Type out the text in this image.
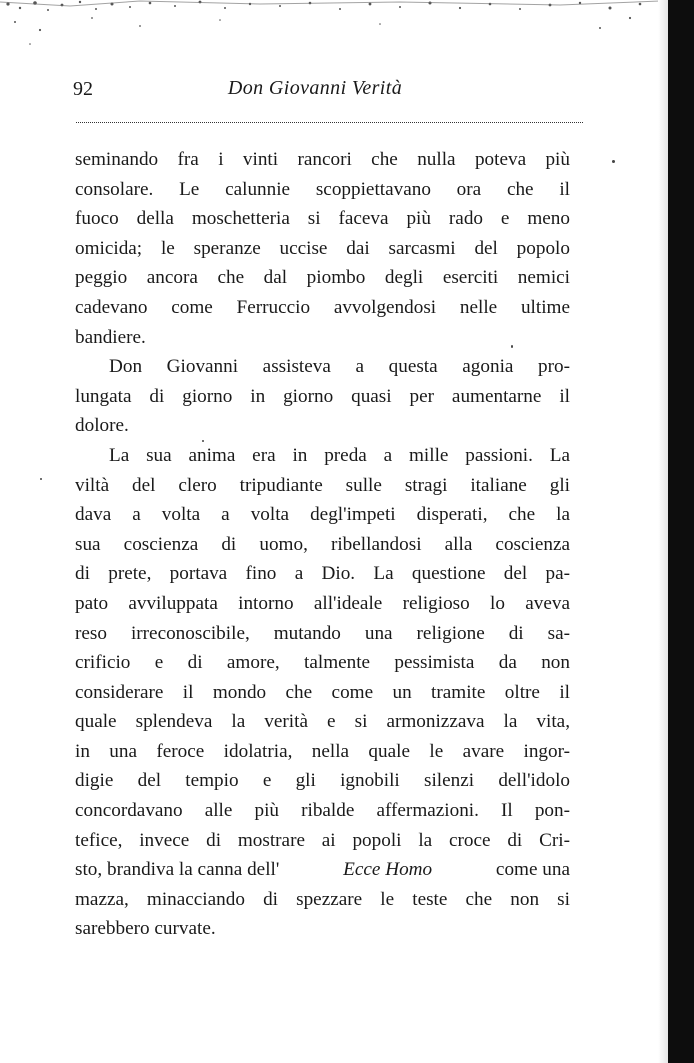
92	Don Giovanni Verità
seminando fra i vinti rancori che nulla poteva più
consolare. Le calunnie scoppiettavano ora che il
fuoco della moschetteria si faceva più rado e meno
omicida; le speranze uccise dai sarcasmi del popolo
peggio ancora che dal piombo degli eserciti nemici
cadevano come Ferruccio avvolgendosi nelle ultime
bandiere.
Don Giovanni assisteva a questa agonia pro-
lungata di giorno in giorno quasi per aumentarne il
dolore.
La sua anima era in preda a mille passioni. La
viltà del clero tripudiante sulle stragi italiane gli
dava a volta a volta degl'impeti disperati, che la
sua coscienza di uomo, ribellandosi alla coscienza
di prete, portava fino a Dio. La questione del pa-
pato avviluppata intorno all'ideale religioso lo aveva
reso irreconoscibile, mutando una religione di sa-
crificio e di amore, talmente pessimista da non
considerare il mondo che come un tramite oltre il
quale splendeva la verità e si armonizzava la vita,
in una feroce idolatria, nella quale le avare ingor-
digie del tempio e gli ignobili silenzi dell'idolo
concordavano alle più ribalde affermazioni. Il pon-
tefice, invece di mostrare ai popoli la croce di Cri-
sto, brandiva la canna dell'	Ecce Homo	come una
mazza, minacciando di spezzare le teste che non si
sarebbero curvate.
